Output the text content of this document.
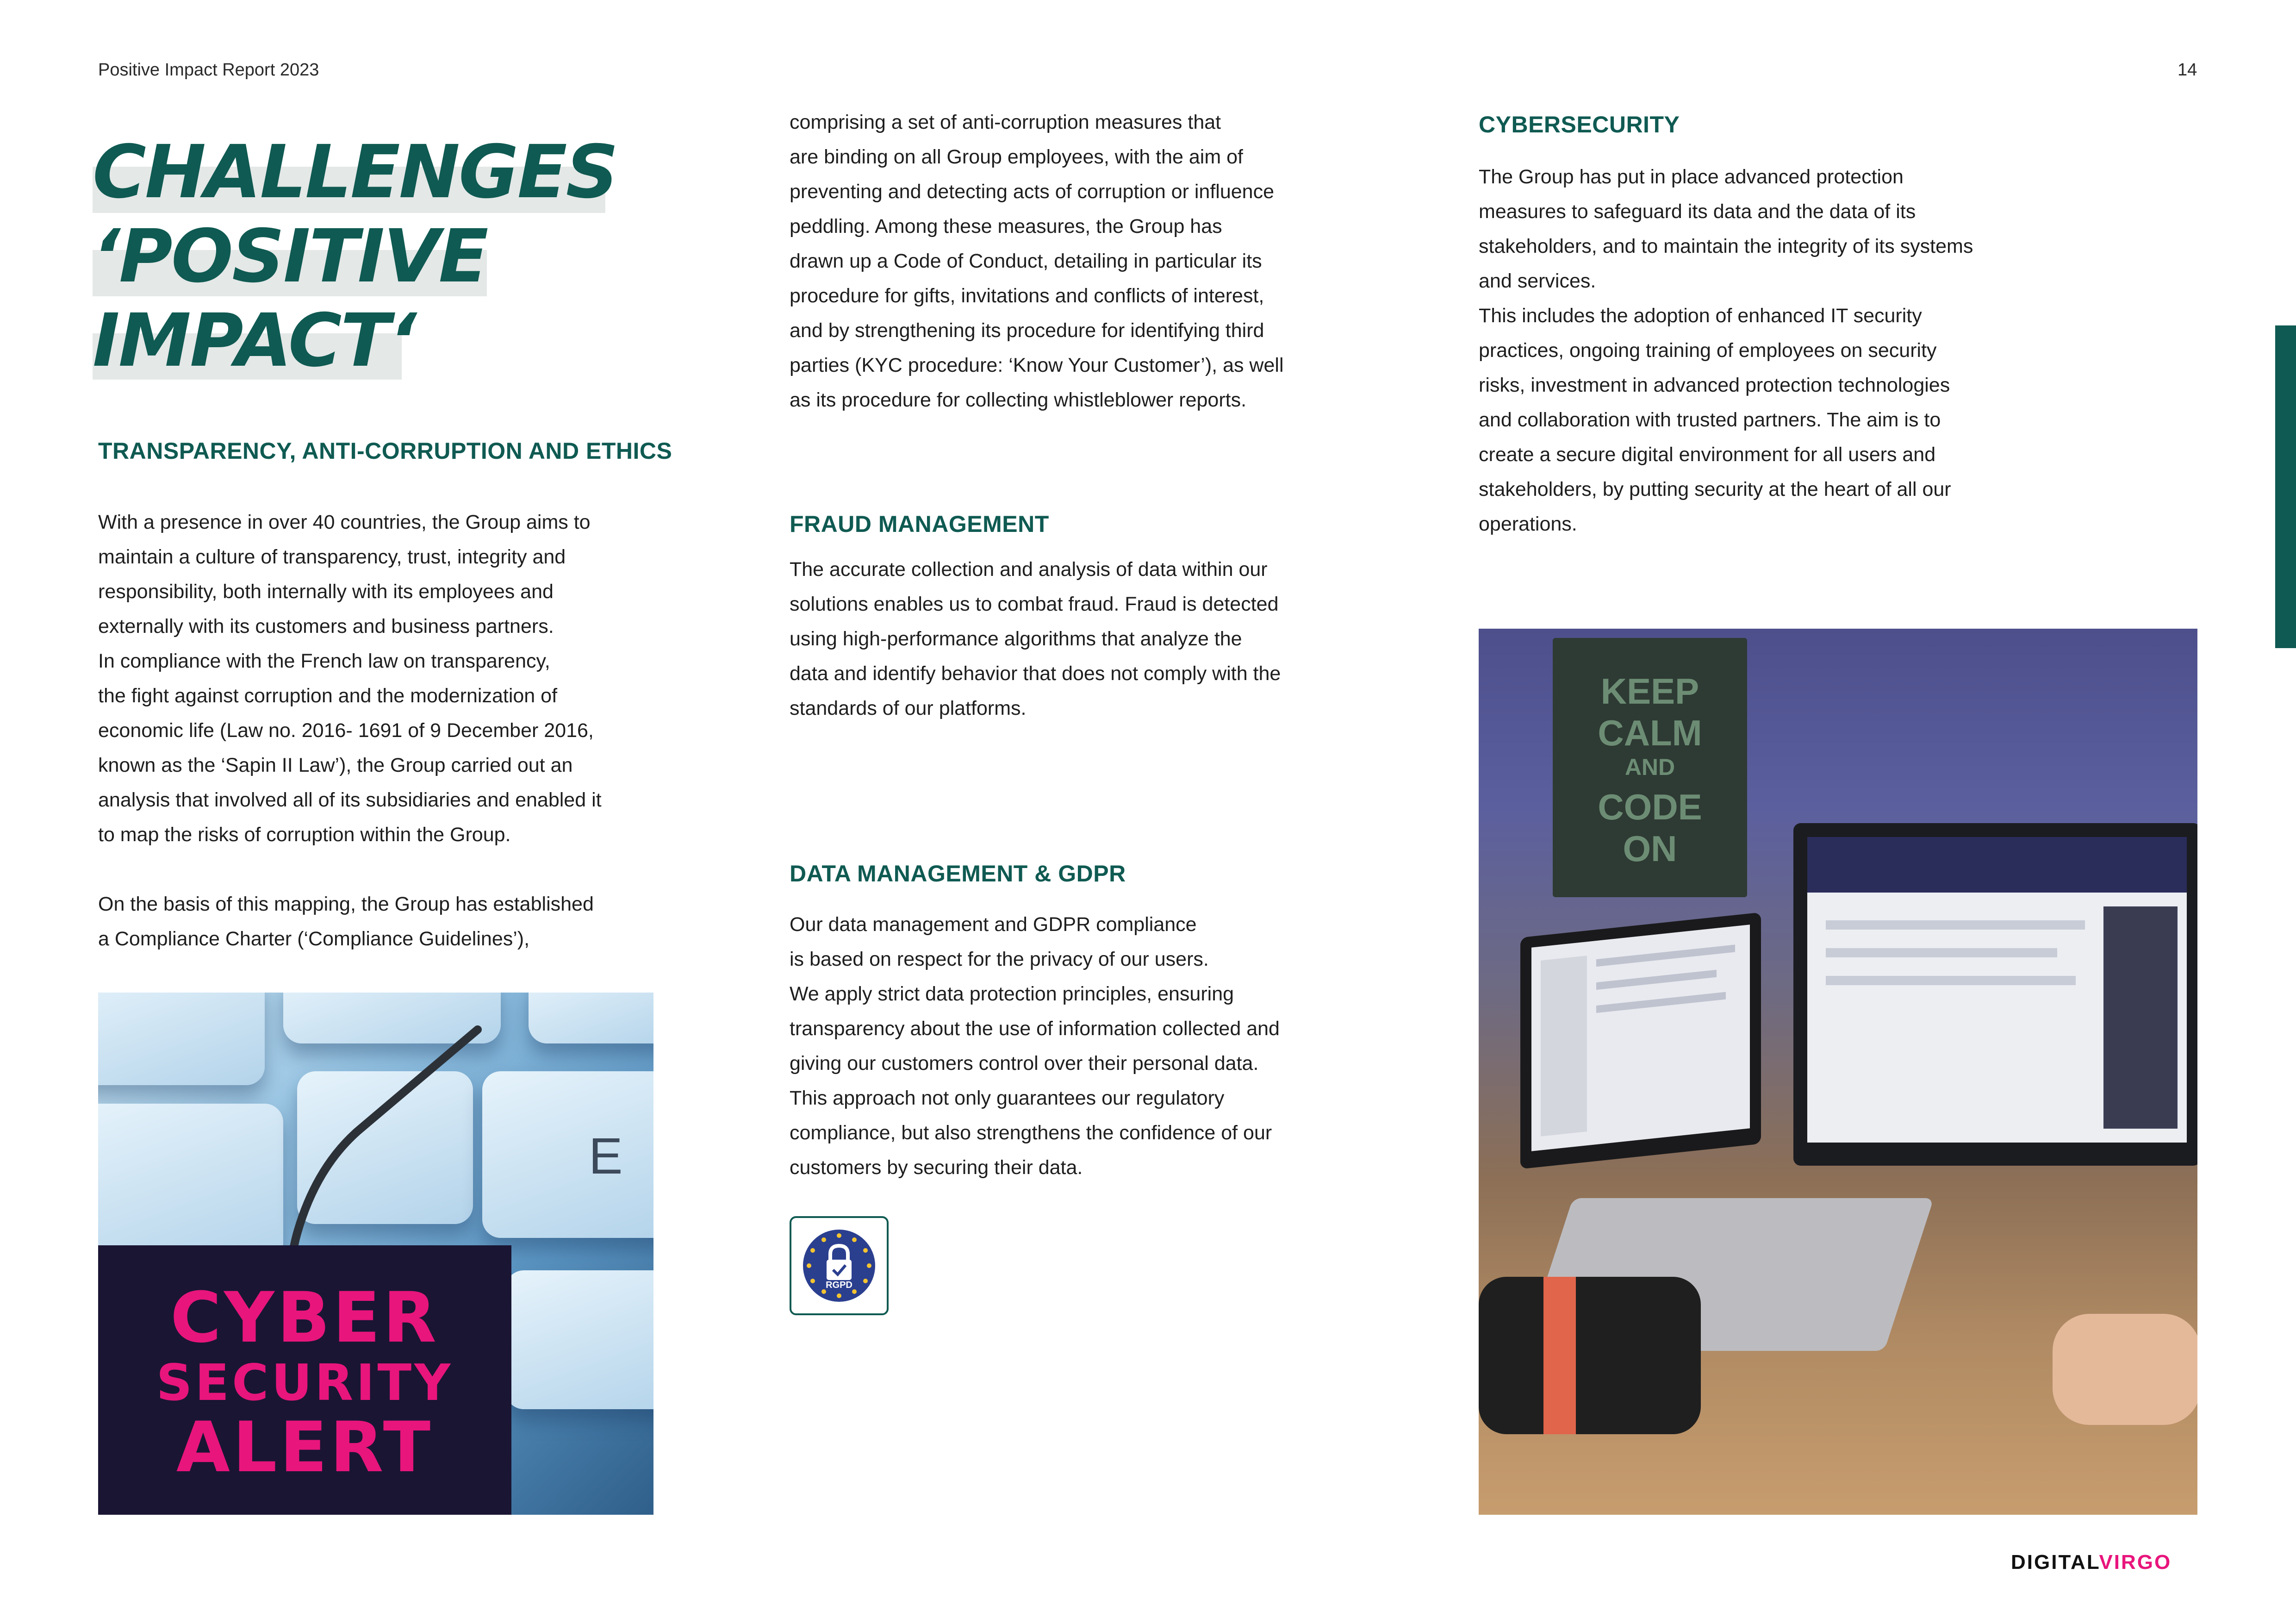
Positive Impact Report 2023	14
CHALLENGES
‘POSITIVE
IMPACT‘
TRANSPARENCY, ANTI-CORRUPTION AND ETHICS

With a presence in over 40 countries, the Group aims to

maintain a culture of transparency, trust, integrity and

responsibility, both internally with its employees and

externally with its customers and business partners.

In compliance with the French law on transparency,

the fight against corruption and the modernization of

economic life (Law no. 2016- 1691 of 9 December 2016,

known as the ‘Sapin II Law’), the Group carried out an

analysis that involved all of its subsidiaries and enabled it

to map the risks of corruption within the Group.

On the basis of this mapping, the Group has established

a Compliance Charter (‘Compliance Guidelines’),

E
CYBER
SECURITY
ALERT

comprising a set of anti-corruption measures that

are binding on all Group employees, with the aim of

preventing and detecting acts of corruption or influence

peddling. Among these measures, the Group has

drawn up a Code of Conduct, detailing in particular its

procedure for gifts, invitations and conflicts of interest,

and by strengthening its procedure for identifying third

parties (KYC procedure: ‘Know Your Customer’), as well

as its procedure for collecting whistleblower reports.

FRAUD MANAGEMENT

The accurate collection and analysis of data within our

solutions enables us to combat fraud. Fraud is detected

using high-performance algorithms that analyze the

data and identify behavior that does not comply with the

standards of our platforms.

DATA MANAGEMENT & GDPR

Our data management and GDPR compliance

is based on respect for the privacy of our users.

We apply strict data protection principles, ensuring

transparency about the use of information collected and

giving our customers control over their personal data.

This approach not only guarantees our regulatory

compliance, but also strengthens the confidence of our

customers by securing their data.

RGPD
CYBERSECURITY

The Group has put in place advanced protection

measures to safeguard its data and the data of its

stakeholders, and to maintain the integrity of its systems

and services.

This includes the adoption of enhanced IT security

practices, ongoing training of employees on security

risks, investment in advanced protection technologies

and collaboration with trusted partners. The aim is to

create a secure digital environment for all users and

stakeholders, by putting security at the heart of all our

operations.

KEEP
CALM
AND
CODE
ON
DIGITALVIRGO
